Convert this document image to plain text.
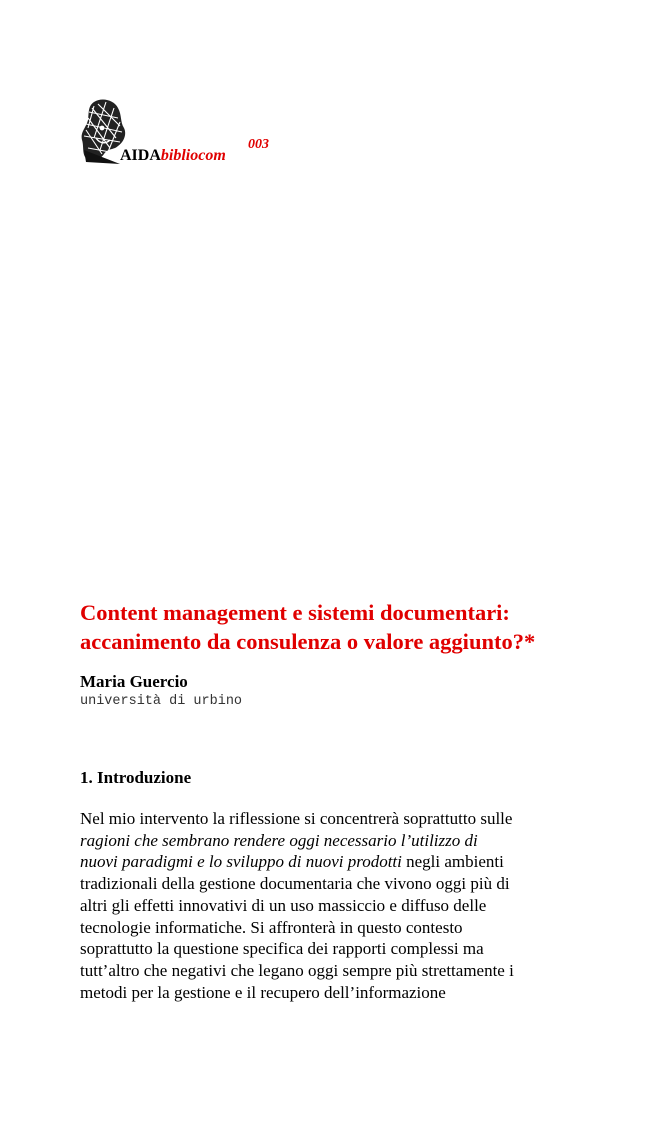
AIDAbibliocom
003
Content management e sistemi documentari:
accanimento da consulenza o valore aggiunto?*
Maria Guercio
università di urbino
1. Introduzione

Nel mio intervento la riflessione si concentrerà soprattutto sulle
ragioni che sembrano rendere oggi necessario l’utilizzo di
nuovi paradigmi e lo sviluppo di nuovi prodotti negli ambienti
tradizionali della gestione documentaria che vivono oggi più di
altri gli effetti innovativi di un uso massiccio e diffuso delle
tecnologie informatiche. Si affronterà in questo contesto
soprattutto la questione specifica dei rapporti complessi ma
tutt’altro che negativi che legano oggi sempre più strettamente i
metodi per la gestione e il recupero dell’informazione
